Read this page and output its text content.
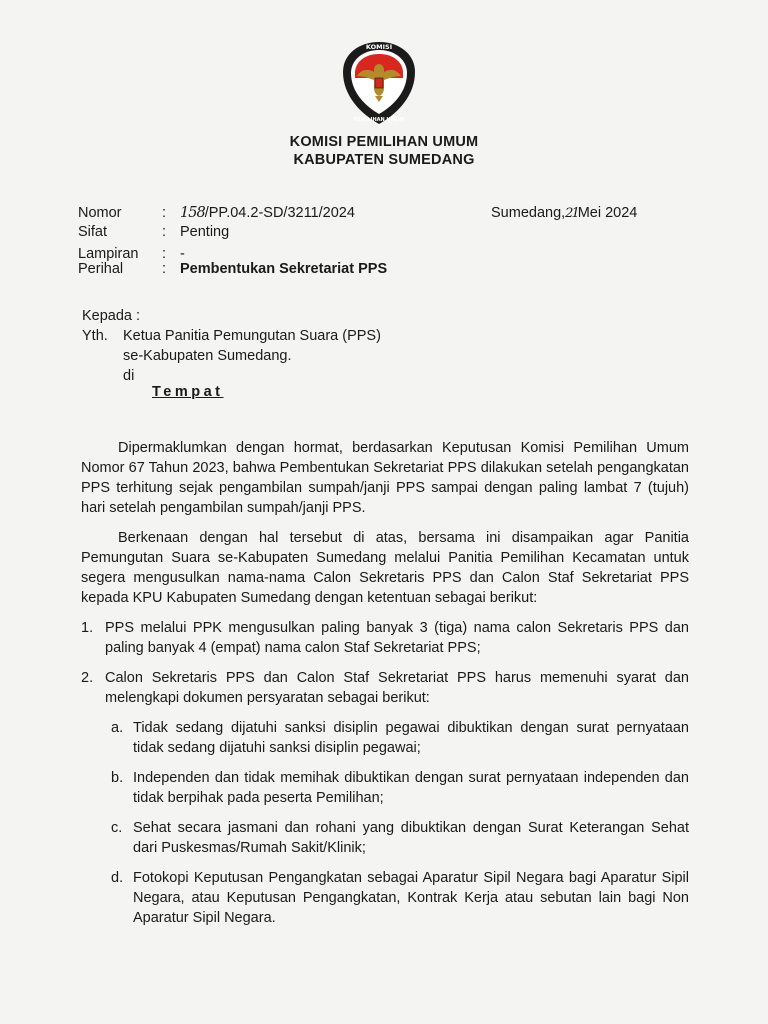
KOMISI
PEMILIHAN UMUM
KOMISI PEMILIHAN UMUM
KABUPATEN SUMEDANG
Nomor	: 158/PP.04.2-SD/3211/2024
Sifat	: Penting
Lampiran : -
Perihal	: Pembentukan Sekretariat PPS
Sumedang,21Mei 2024
Kepada :
Yth. Ketua Panitia Pemungutan Suara (PPS)
se-Kabupaten Sumedang.
di
Tempat

Dipermaklumkan dengan hormat, berdasarkan Keputusan Komisi Pemilihan Umum Nomor 67 Tahun 2023, bahwa Pembentukan Sekretariat PPS dilakukan setelah pengangkatan PPS terhitung sejak pengambilan sumpah/janji PPS sampai dengan paling lambat 7 (tujuh) hari setelah pengambilan sumpah/janji PPS.

Berkenaan dengan hal tersebut di atas, bersama ini disampaikan agar Panitia Pemungutan Suara se-Kabupaten Sumedang melalui Panitia Pemilihan Kecamatan untuk segera mengusulkan nama-nama Calon Sekretaris PPS dan Calon Staf Sekretariat PPS kepada KPU Kabupaten Sumedang dengan ketentuan sebagai berikut:

1. PPS melalui PPK mengusulkan paling banyak 3 (tiga) nama calon Sekretaris PPS dan paling banyak 4 (empat) nama calon Staf Sekretariat PPS;
2. Calon Sekretaris PPS dan Calon Staf Sekretariat PPS harus memenuhi syarat dan melengkapi dokumen persyaratan sebagai berikut:
a. Tidak sedang dijatuhi sanksi disiplin pegawai dibuktikan dengan surat pernyataan tidak sedang dijatuhi sanksi disiplin pegawai;
b. Independen dan tidak memihak dibuktikan dengan surat pernyataan independen dan tidak berpihak pada peserta Pemilihan;
c. Sehat secara jasmani dan rohani yang dibuktikan dengan Surat Keterangan Sehat dari Puskesmas/Rumah Sakit/Klinik;
d. Fotokopi Keputusan Pengangkatan sebagai Aparatur Sipil Negara bagi Aparatur Sipil Negara, atau Keputusan Pengangkatan, Kontrak Kerja atau sebutan lain bagi Non Aparatur Sipil Negara.
